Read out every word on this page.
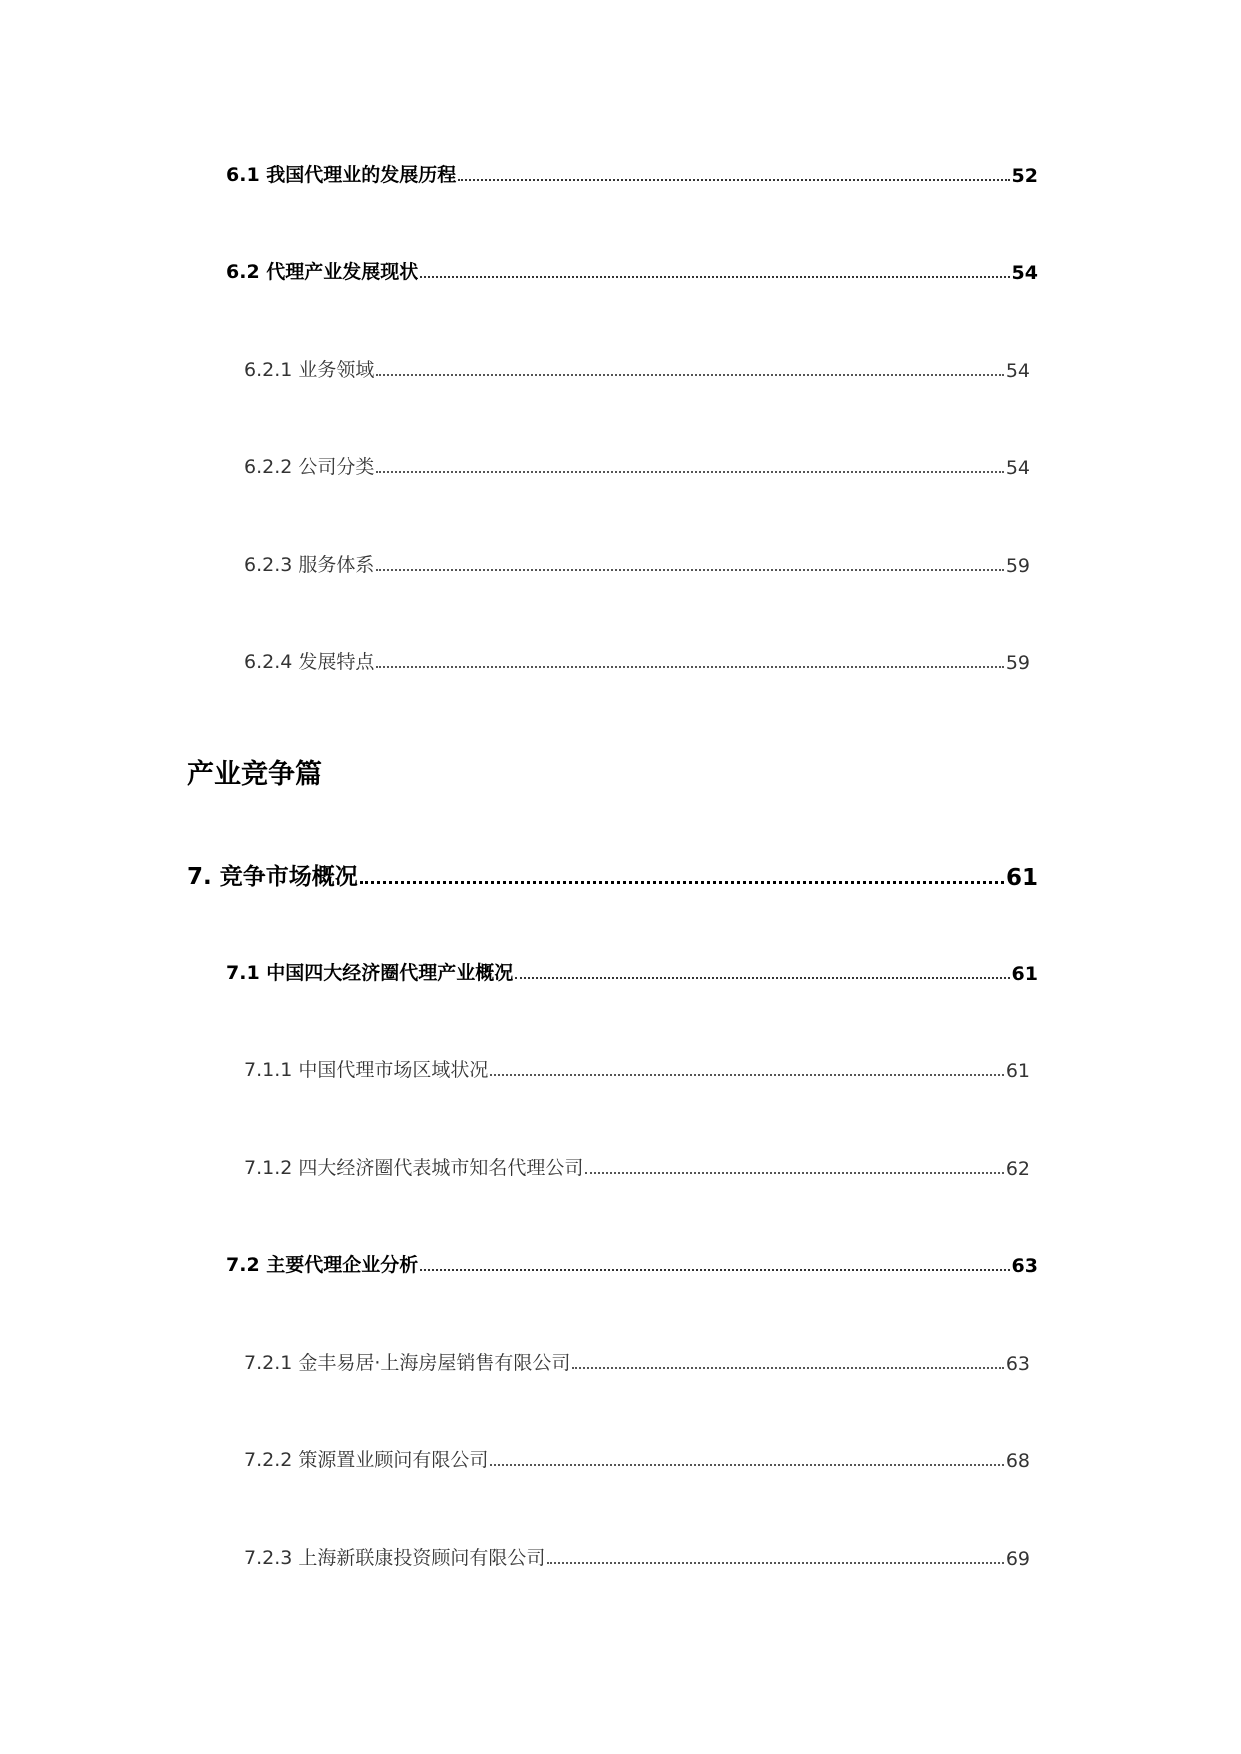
6.1 我国代理业的发展历程	52
6.2 代理产业发展现状	54
6.2.1 业务领域	54
6.2.2 公司分类	54
6.2.3 服务体系	59
6.2.4 发展特点	59
产业竞争篇
7. 竞争市场概况	61
7.1 中国四大经济圈代理产业概况	61
7.1.1 中国代理市场区域状况	61
7.1.2 四大经济圈代表城市知名代理公司	62
7.2 主要代理企业分析	63
7.2.1 金丰易居·上海房屋销售有限公司	63
7.2.2 策源置业顾问有限公司	68
7.2.3 上海新联康投资顾问有限公司	69
